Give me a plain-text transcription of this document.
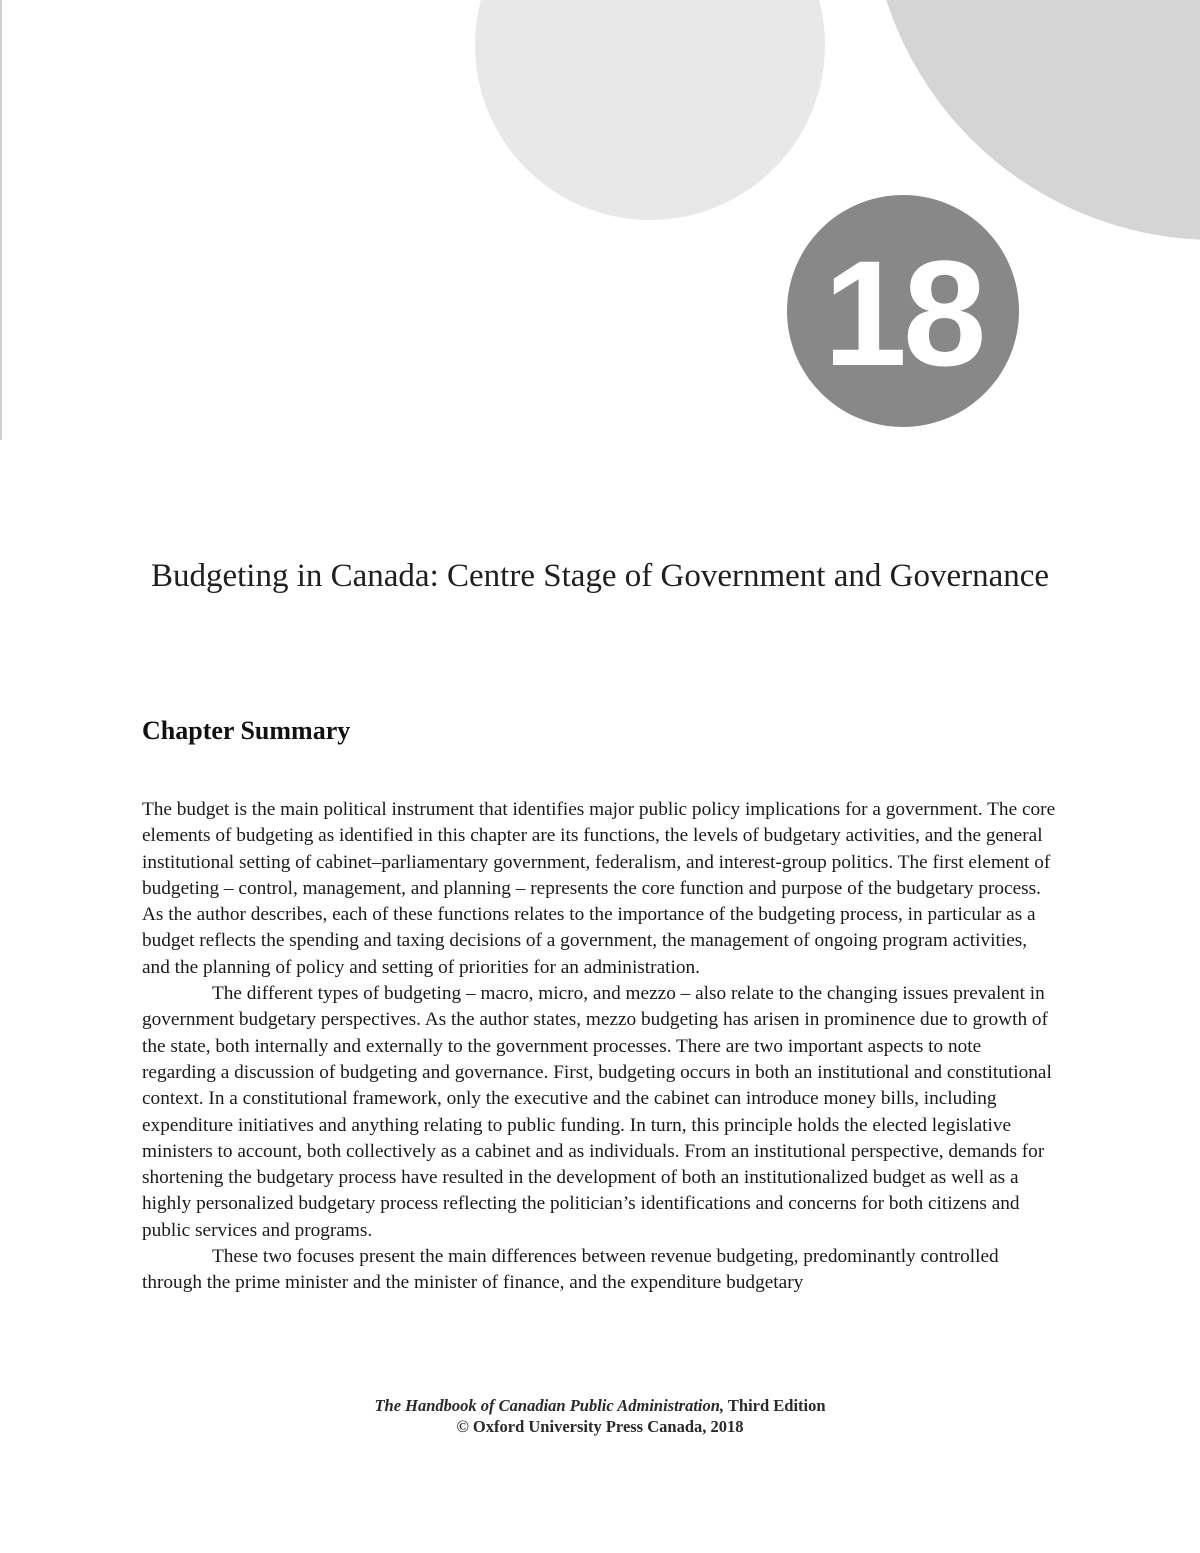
18
Budgeting in Canada: Centre Stage of Government and Governance
Chapter Summary

The budget is the main political instrument that identifies major public policy implications for a government. The core elements of budgeting as identified in this chapter are its functions, the levels of budgetary activities, and the general institutional setting of cabinet–parliamentary government, federalism, and interest-group politics. The first element of budgeting – control, management, and planning – represents the core function and purpose of the budgetary process. As the author describes, each of these functions relates to the importance of the budgeting process, in particular as a budget reflects the spending and taxing decisions of a government, the management of ongoing program activities, and the planning of policy and setting of priorities for an administration.

The different types of budgeting – macro, micro, and mezzo – also relate to the changing issues prevalent in government budgetary perspectives. As the author states, mezzo budgeting has arisen in prominence due to growth of the state, both internally and externally to the government processes. There are two important aspects to note regarding a discussion of budgeting and governance. First, budgeting occurs in both an institutional and constitutional context. In a constitutional framework, only the executive and the cabinet can introduce money bills, including expenditure initiatives and anything relating to public funding. In turn, this principle holds the elected legislative ministers to account, both collectively as a cabinet and as individuals. From an institutional perspective, demands for shortening the budgetary process have resulted in the development of both an institutionalized budget as well as a highly personalized budgetary process reflecting the politician’s identifications and concerns for both citizens and public services and programs.

These two focuses present the main differences between revenue budgeting, predominantly controlled through the prime minister and the minister of finance, and the expenditure budgetary

The Handbook of Canadian Public Administration, Third Edition
© Oxford University Press Canada, 2018
